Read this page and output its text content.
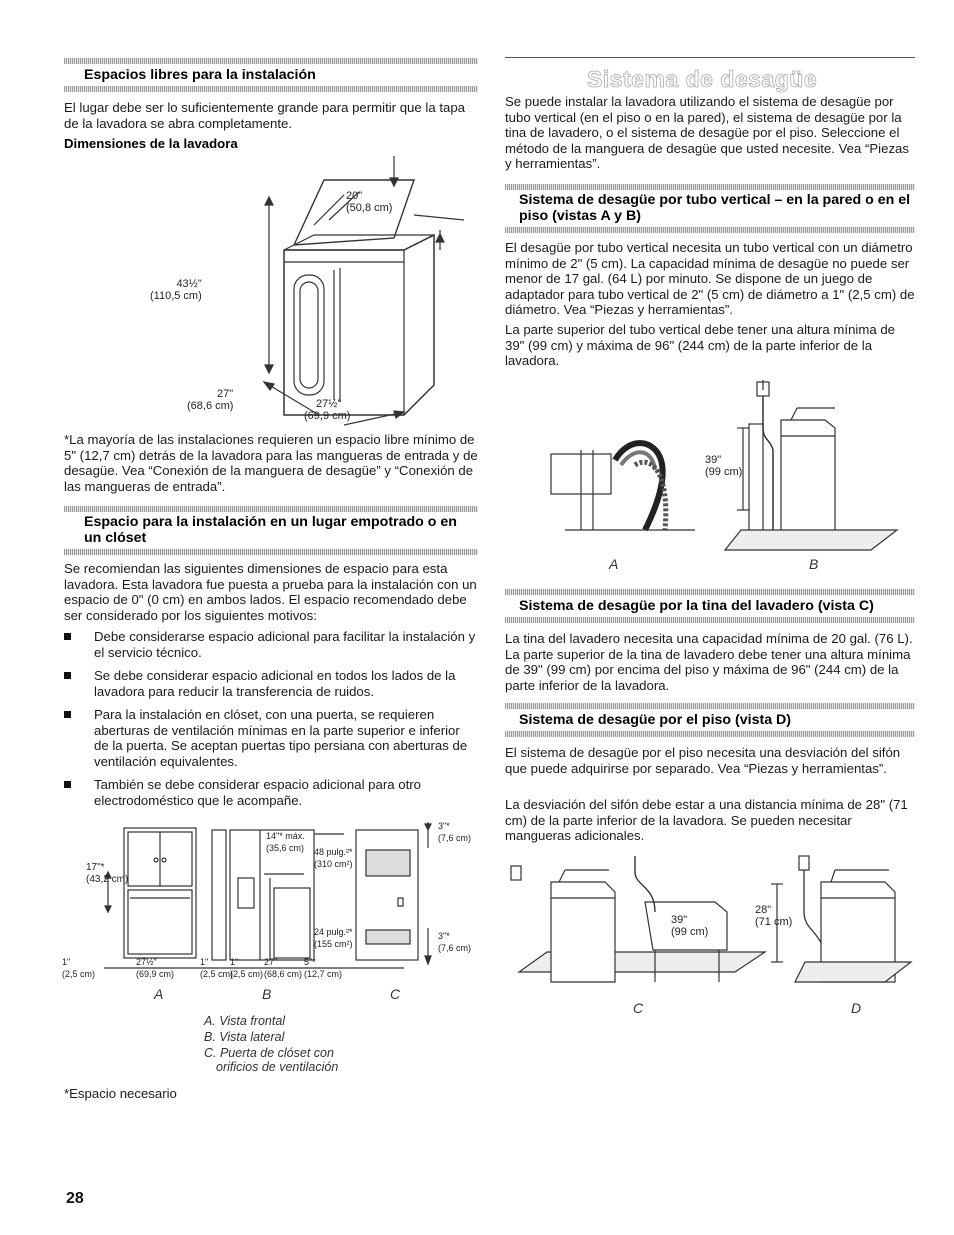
Espacios libres para la instalación
El lugar debe ser lo suficientemente grande para permitir que la tapa de la lavadora se abra completamente.
Dimensiones de la lavadora
20"
(50,8 cm)
43½"
(110,5 cm)
27"
(68,6 cm)	27½"
(69,9 cm)
*La mayoría de las instalaciones requieren un espacio libre mínimo de 5" (12,7 cm) detrás de la lavadora para las mangueras de entrada y de desagüe. Vea “Conexión de la manguera de desagüe” y “Conexión de las mangueras de entrada”.
Espacio para la instalación en un lugar empotrado o en un clóset
Se recomiendan las siguientes dimensiones de espacio para esta lavadora. Esta lavadora fue puesta a prueba para la instalación con un espacio de 0" (0 cm) en ambos lados. El espacio recomendado debe ser considerado por los siguientes motivos:
Debe considerarse espacio adicional para facilitar la instalación y el servicio técnico.
Se debe considerar espacio adicional en todos los lados de la lavadora para reducir la transferencia de ruidos.
Para la instalación en clóset, con una puerta, se requieren aberturas de ventilación mínimas en la parte superior e inferior de la puerta. Se aceptan puertas tipo persiana con aberturas de ventilación equivalentes.
También se debe considerar espacio adicional para otro electrodoméstico que le acompañe.
17"*
(43,2 cm)
1"
(2,5 cm)
27½"
(69,9 cm)
1"
(2,5 cm)
1"
(2,5 cm)
27"
(68,6 cm)
5"*
(12,7 cm)
14"* máx.
(35,6 cm) 48 pulg.²*
(310 cm²)
24 pulg.²*
(155 cm²)
3"*
(7,6 cm)
3"*
(7,6 cm)
A	B	C
A. Vista frontal
B. Vista lateral
C. Puerta de clóset con
orificios de ventilación
*Espacio necesario
Sistema de desagüe
Se puede instalar la lavadora utilizando el sistema de desagüe por tubo vertical (en el piso o en la pared), el sistema de desagüe por la tina de lavadero, o el sistema de desagüe por el piso. Seleccione el método de la manguera de desagüe que usted necesite. Vea “Piezas y herramientas”.
Sistema de desagüe por tubo vertical – en la pared o en el piso (vistas A y B)
El desagüe por tubo vertical necesita un tubo vertical con un diámetro mínimo de 2" (5 cm). La capacidad mínima de desagüe no puede ser menor de 17 gal. (64 L) por minuto. Se dispone de un juego de adaptador para tubo vertical de 2" (5 cm) de diámetro a 1" (2,5 cm) de diámetro. Vea “Piezas y herramientas”.
La parte superior del tubo vertical debe tener una altura mínima de 39" (99 cm) y máxima de 96" (244 cm) de la parte inferior de la lavadora.
39"
(99 cm)
A	B
Sistema de desagüe por la tina del lavadero (vista C)
La tina del lavadero necesita una capacidad mínima de 20 gal. (76 L). La parte superior de la tina de lavadero debe tener una altura mínima de 39" (99 cm) por encima del piso y máxima de 96" (244 cm) de la parte inferior de la lavadora.
Sistema de desagüe por el piso (vista D)
El sistema de desagüe por el piso necesita una desviación del sifón que puede adquirirse por separado. Vea “Piezas y herramientas”.
La desviación del sifón debe estar a una distancia mínima de 28" (71 cm) de la parte inferior de la lavadora. Se pueden necesitar mangueras adicionales.
39"
(99 cm)
28"
(71 cm)
C	D
28
